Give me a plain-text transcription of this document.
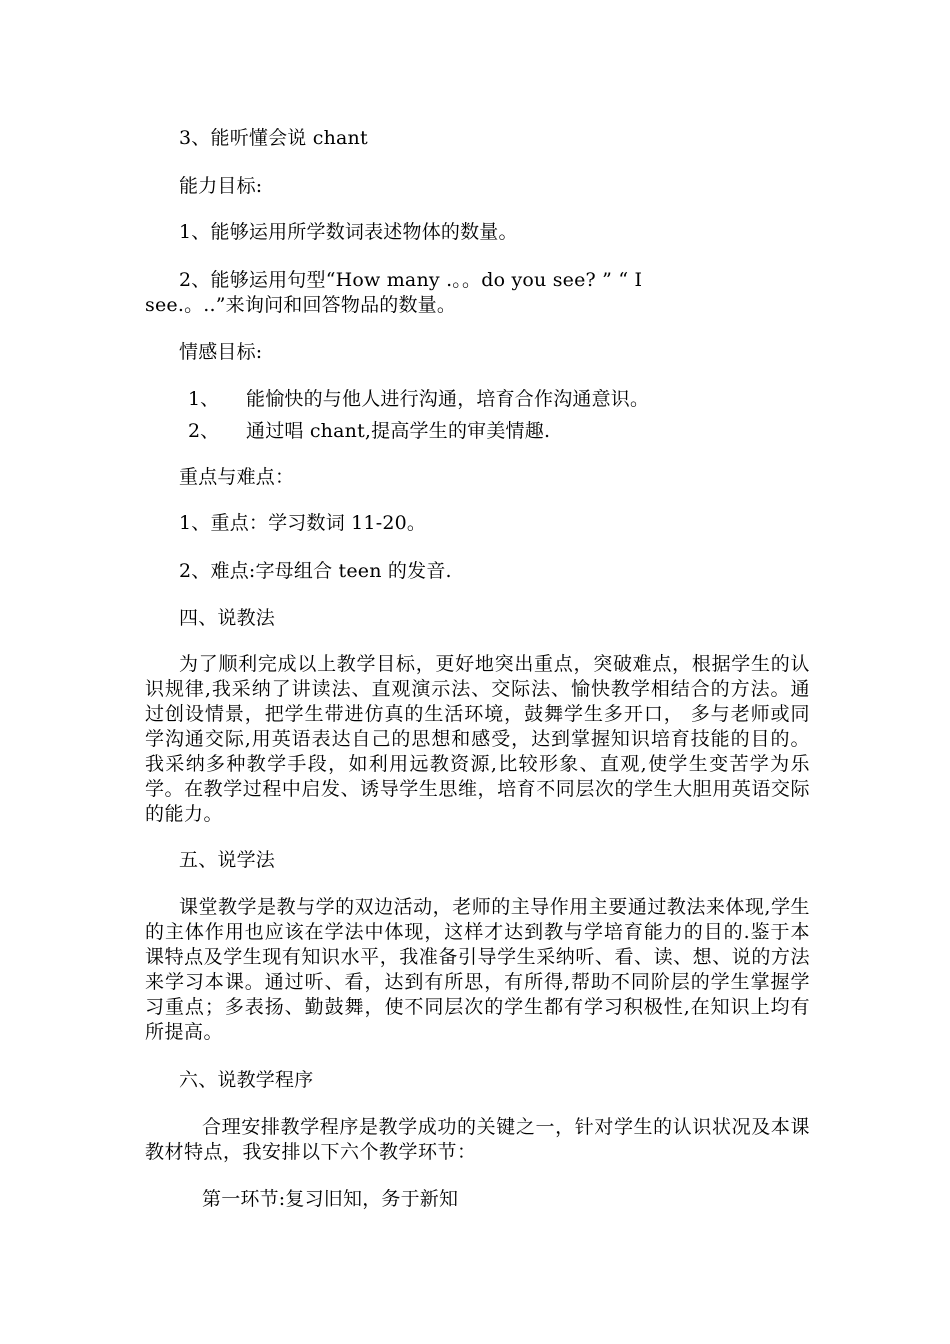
3、能听懂会说 chant
能力目标:
1、能够运用所学数词表述物体的数量。
2、能够运用句型“How many .。。do you see? ” “ I
see.。..”来询问和回答物品的数量。
情感目标:
1、 能愉快的与他人进行沟通，培育合作沟通意识。
2、 通过唱 chant,提高学生的审美情趣.
重点与难点：
1、重点：学习数词 11-20。
2、难点:字母组合 teen 的发音.
四、说教法
为了顺利完成以上教学目标，更好地突出重点，突破难点，根据学生的认识规律,我采纳了讲读法、直观演示法、交际法、愉快教学相结合的方法。通过创设情景，把学生带进仿真的生活环境，鼓舞学生多开口， 多与老师或同学沟通交际,用英语表达自己的思想和感受，达到掌握知识培育技能的目的。我采纳多种教学手段，如利用远教资源,比较形象、直观,使学生变苦学为乐学。在教学过程中启发、诱导学生思维，培育不同层次的学生大胆用英语交际的能力。
五、说学法
课堂教学是教与学的双边活动，老师的主导作用主要通过教法来体现,学生的主体作用也应该在学法中体现，这样才达到教与学培育能力的目的.鉴于本课特点及学生现有知识水平，我准备引导学生采纳听、看、读、想、说的方法来学习本课。通过听、看，达到有所思，有所得,帮助不同阶层的学生掌握学习重点；多表扬、勤鼓舞，使不同层次的学生都有学习积极性,在知识上均有所提高。
六、说教学程序
合理安排教学程序是教学成功的关键之一，针对学生的认识状况及本课教材特点，我安排以下六个教学环节：
第一环节:复习旧知，务于新知
